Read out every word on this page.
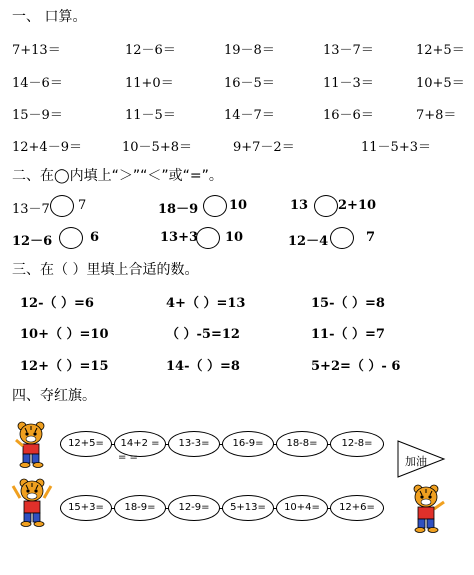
一、 口算。
7+13＝	12－6＝	19－8＝	13－7＝	12+5＝
14－6＝	11+0＝	16－5＝	11－3＝	10+5＝
15－9＝	11－5＝	14－7＝	16－6＝	7+8＝
12+4－9＝	10－5+8＝	9+7－2＝	11－5+3＝
二、在◯内填上“＞”“＜”或“=”。
13－7 7	18－9 10	13 2+10
12－6	6	13+3 10	12－4	7
三、在（ ）里填上合适的数。
12-（ ）=6	4+（ ）=13	15-（ ）=8
10+（ ）=10	（ ）-5=12	11-（ ）=7
12+（ ）=15	14-（ ）=8	5+2=（ ）- 6
四、夺红旗。
12+5=	14+2 =	13-3=	16-9=	18-8=	12-8=
= =	加油
15+3=	18-9=	12-9=	5+13=	10+4=	12+6=
